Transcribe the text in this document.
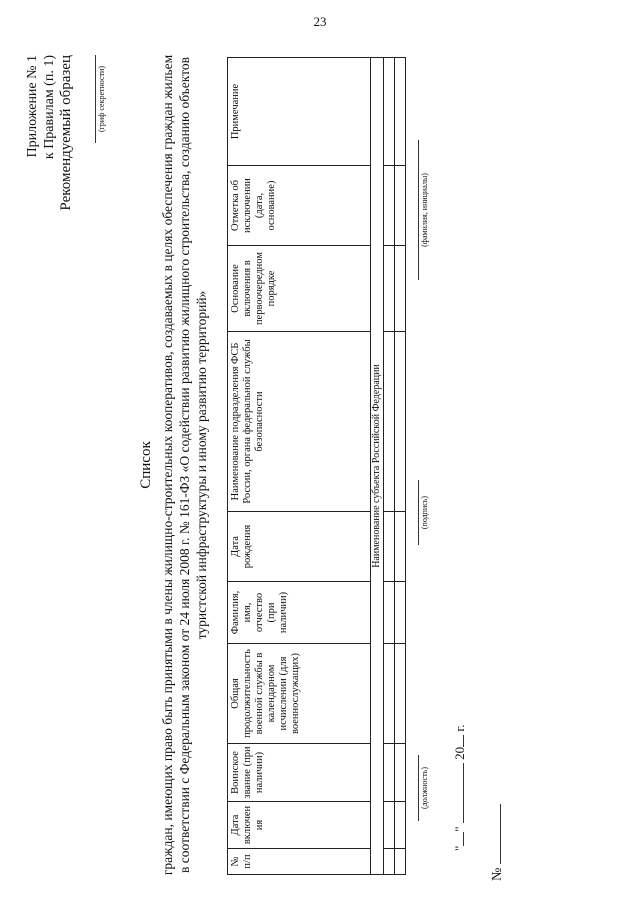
23
Приложение № 1 к Правилам (п. 1) Рекомендуемый образец	(гриф секретности)
Список граждан, имеющих право быть принятыми в члены жилищно-строительных кооперативов, создаваемых в целях обеспечения граждан жильем в соответствии с Федеральным законом от 24 июля 2008 г. № 161-ФЗ «О содействии развитию жилищного строительства, созданию объектов туристской инфраструктуры и иному развитию территорий»
№ п/п	Дата включения	Воинское звание (при наличии)	Общая продолжительность военной службы в календарном исчислении (для военнослужащих)	Фамилия, имя, отчество (при наличии)	Дата рождения	Наименование подразделения ФСБ России, органа федеральной службы безопасности	Основание включения в первоочередном порядке	Отметка об исключении (дата, основание)	Примечание
Наименование субъекта Российской Федерации									

(должность)
(подпись)
(фамилия, инициалы)
""  20 г.
№
